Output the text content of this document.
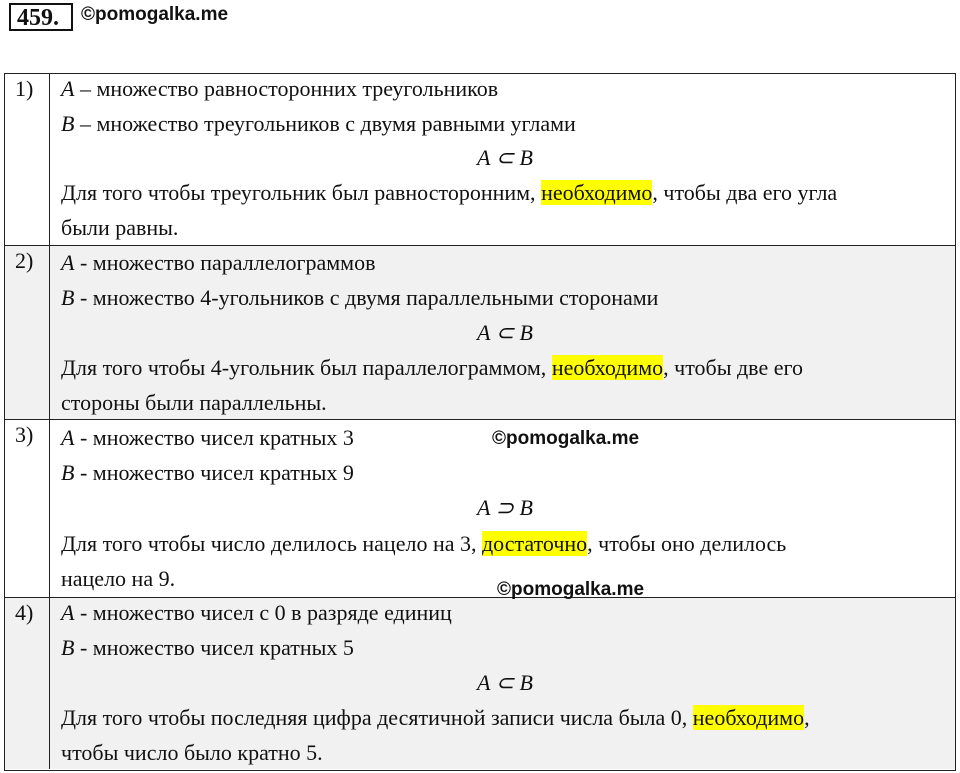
459.	©pomogalka.me
1)	A – множество равносторонних треугольников
B – множество треугольников с двумя равными углами
A ⊂ B
Для того чтобы треугольник был равносторонним, необходимо, чтобы два его угла
были равны.
2)	A - множество параллелограммов
B - множество 4-угольников с двумя параллельными сторонами
A ⊂ B
Для того чтобы 4-угольник был параллелограммом, необходимо, чтобы две его
стороны были параллельны.
3)	A - множество чисел кратных 3
B - множество чисел кратных 9
A ⊃ B
Для того чтобы число делилось нацело на 3, достаточно, чтобы оно делилось
нацело на 9.
4)	A - множество чисел с 0 в разряде единиц
B - множество чисел кратных 5
A ⊂ B
Для того чтобы последняя цифра десятичной записи числа была 0, необходимо,
чтобы число было кратно 5.
©pomogalka.me
©pomogalka.me
